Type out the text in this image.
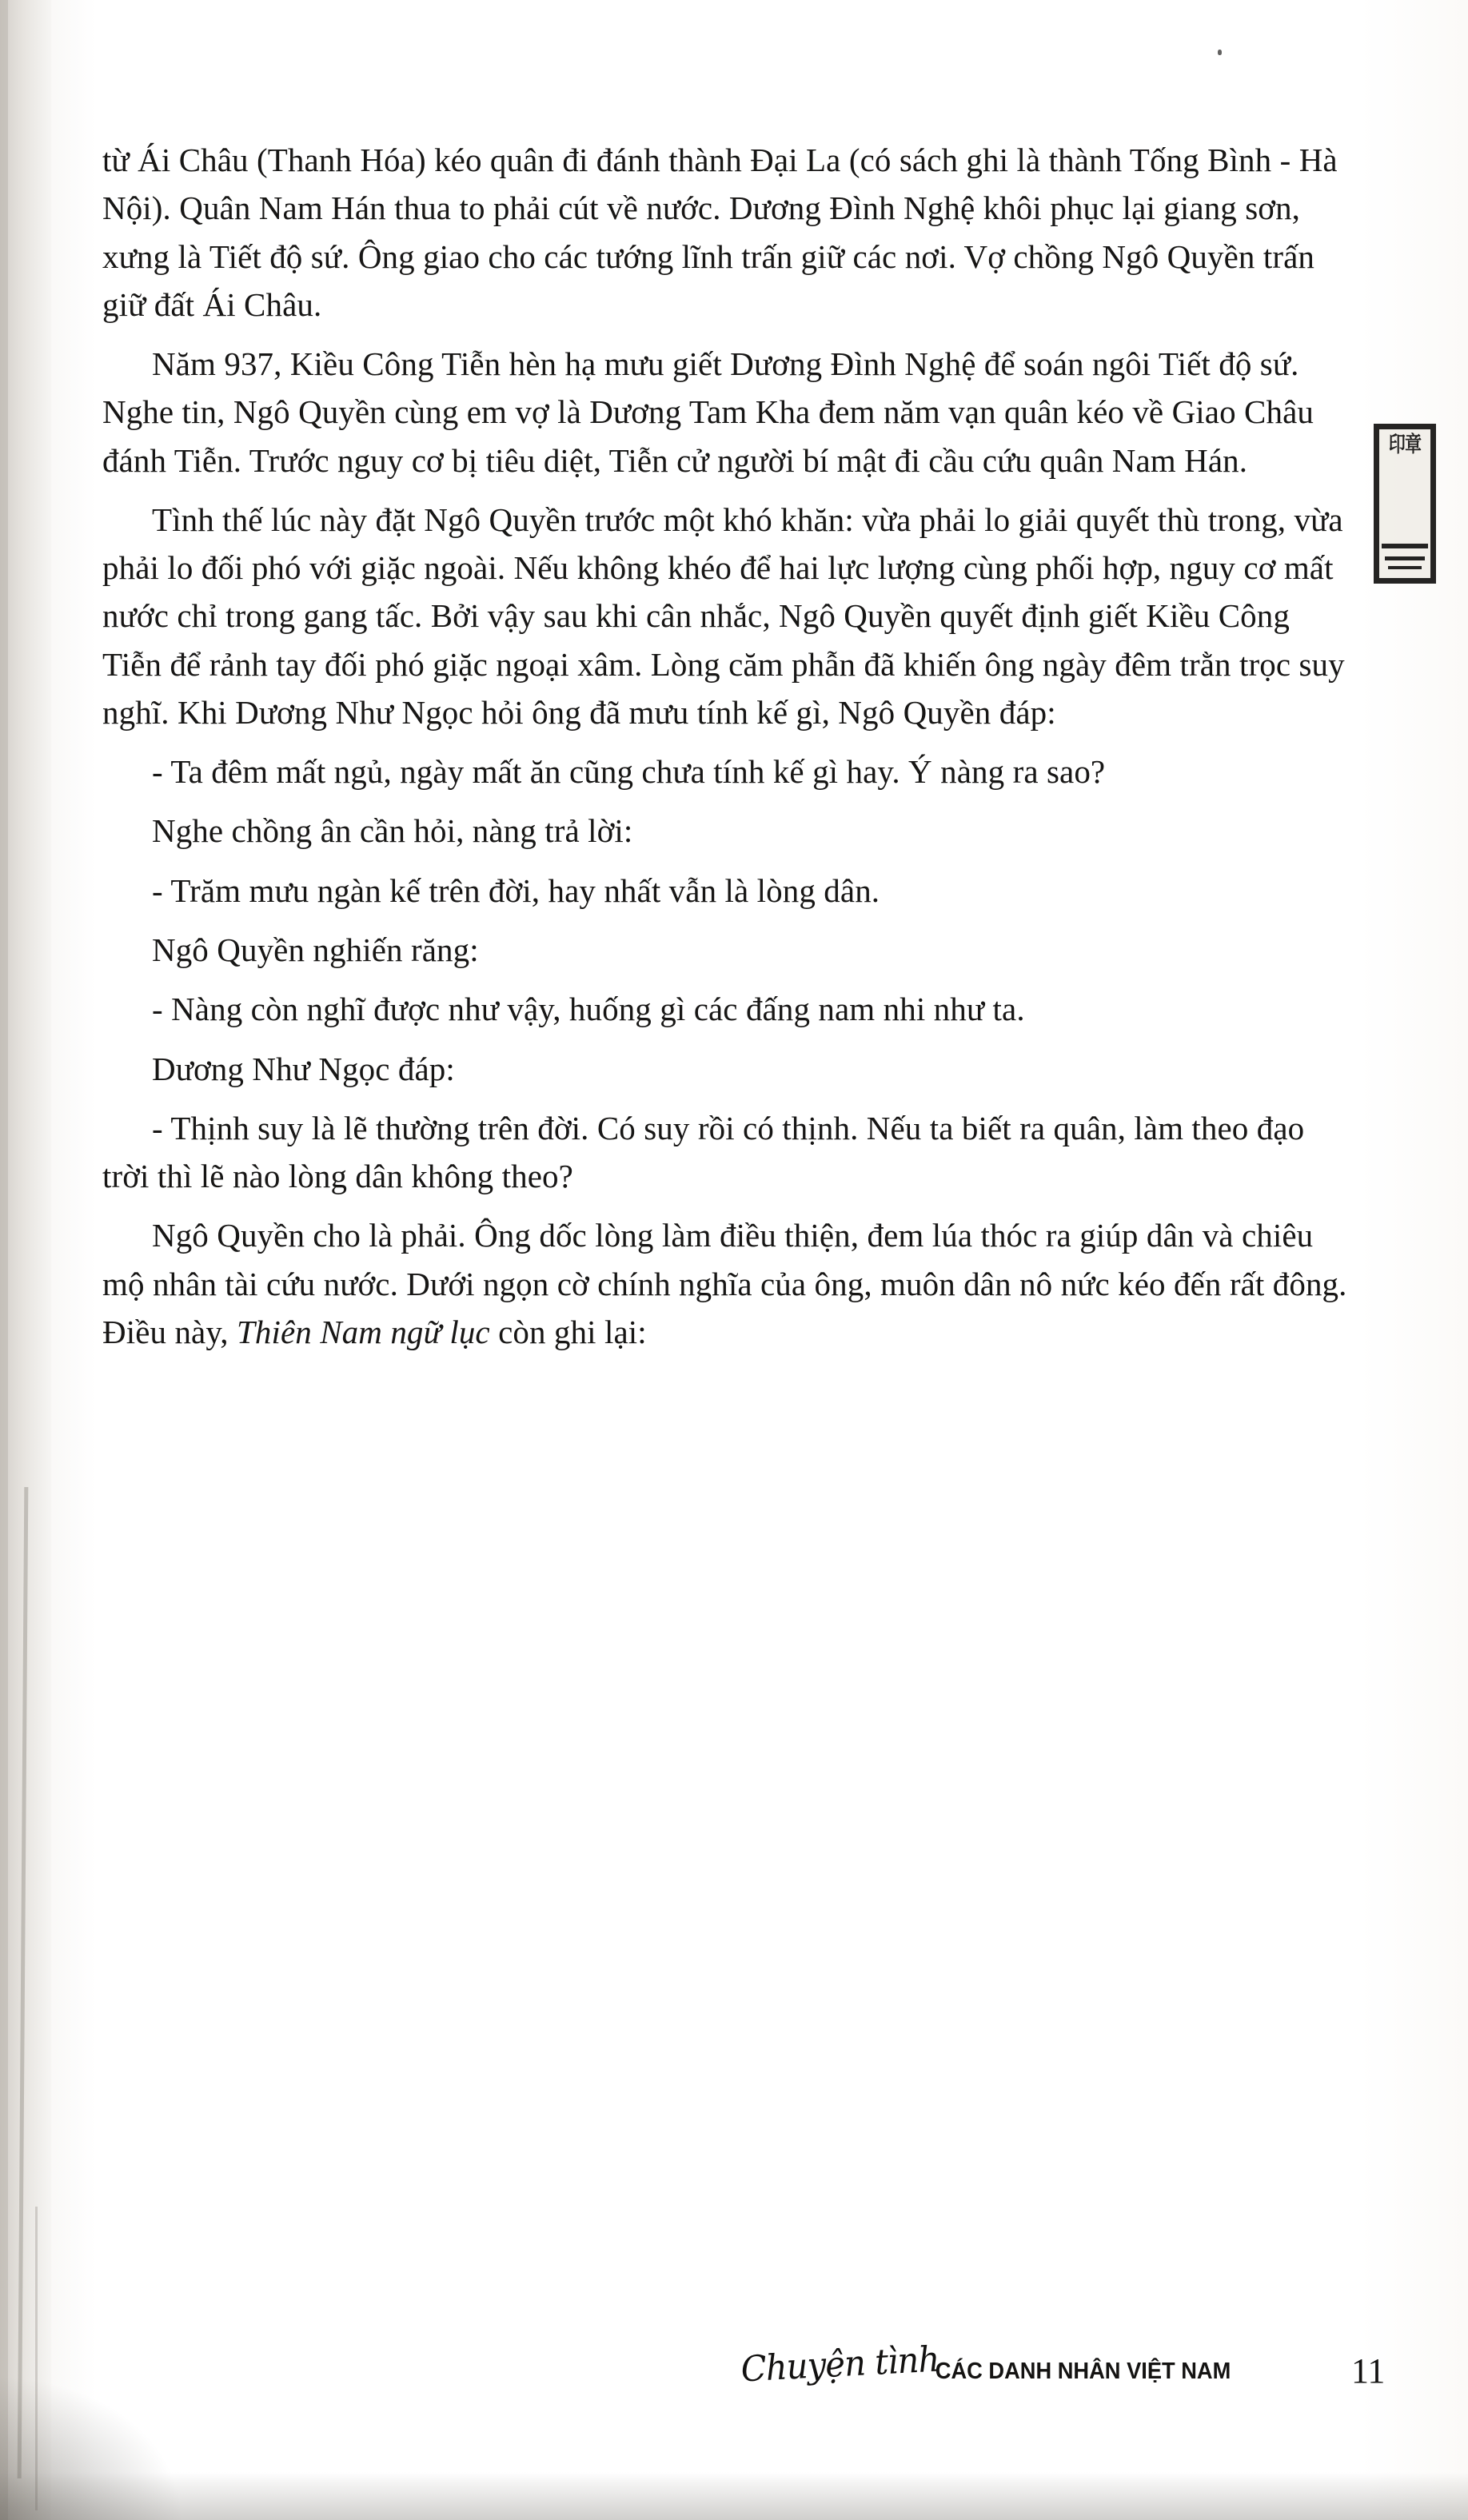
印章

từ Ái Châu (Thanh Hóa) kéo quân đi đánh thành Đại La (có sách ghi là thành Tống Bình - Hà Nội). Quân Nam Hán thua to phải cút về nước. Dương Đình Nghệ khôi phục lại giang sơn, xưng là Tiết độ sứ. Ông giao cho các tướng lĩnh trấn giữ các nơi. Vợ chồng Ngô Quyền trấn giữ đất Ái Châu.

Năm 937, Kiều Công Tiễn hèn hạ mưu giết Dương Đình Nghệ để soán ngôi Tiết độ sứ. Nghe tin, Ngô Quyền cùng em vợ là Dương Tam Kha đem năm vạn quân kéo về Giao Châu đánh Tiễn. Trước nguy cơ bị tiêu diệt, Tiễn cử người bí mật đi cầu cứu quân Nam Hán.

Tình thế lúc này đặt Ngô Quyền trước một khó khăn: vừa phải lo giải quyết thù trong, vừa phải lo đối phó với giặc ngoài. Nếu không khéo để hai lực lượng cùng phối hợp, nguy cơ mất nước chỉ trong gang tấc. Bởi vậy sau khi cân nhắc, Ngô Quyền quyết định giết Kiều Công Tiễn để rảnh tay đối phó giặc ngoại xâm. Lòng căm phẫn đã khiến ông ngày đêm trằn trọc suy nghĩ. Khi Dương Như Ngọc hỏi ông đã mưu tính kế gì, Ngô Quyền đáp:

- Ta đêm mất ngủ, ngày mất ăn cũng chưa tính kế gì hay. Ý nàng ra sao?

Nghe chồng ân cần hỏi, nàng trả lời:

- Trăm mưu ngàn kế trên đời, hay nhất vẫn là lòng dân.

Ngô Quyền nghiến răng:

- Nàng còn nghĩ được như vậy, huống gì các đấng nam nhi như ta.

Dương Như Ngọc đáp:

- Thịnh suy là lẽ thường trên đời. Có suy rồi có thịnh. Nếu ta biết ra quân, làm theo đạo trời thì lẽ nào lòng dân không theo?

Ngô Quyền cho là phải. Ông dốc lòng làm điều thiện, đem lúa thóc ra giúp dân và chiêu mộ nhân tài cứu nước. Dưới ngọn cờ chính nghĩa của ông, muôn dân nô nức kéo đến rất đông. Điều này, Thiên Nam ngữ lục còn ghi lại:

Chuyện tình
CÁC DANH NHÂN VIỆT NAM	11
